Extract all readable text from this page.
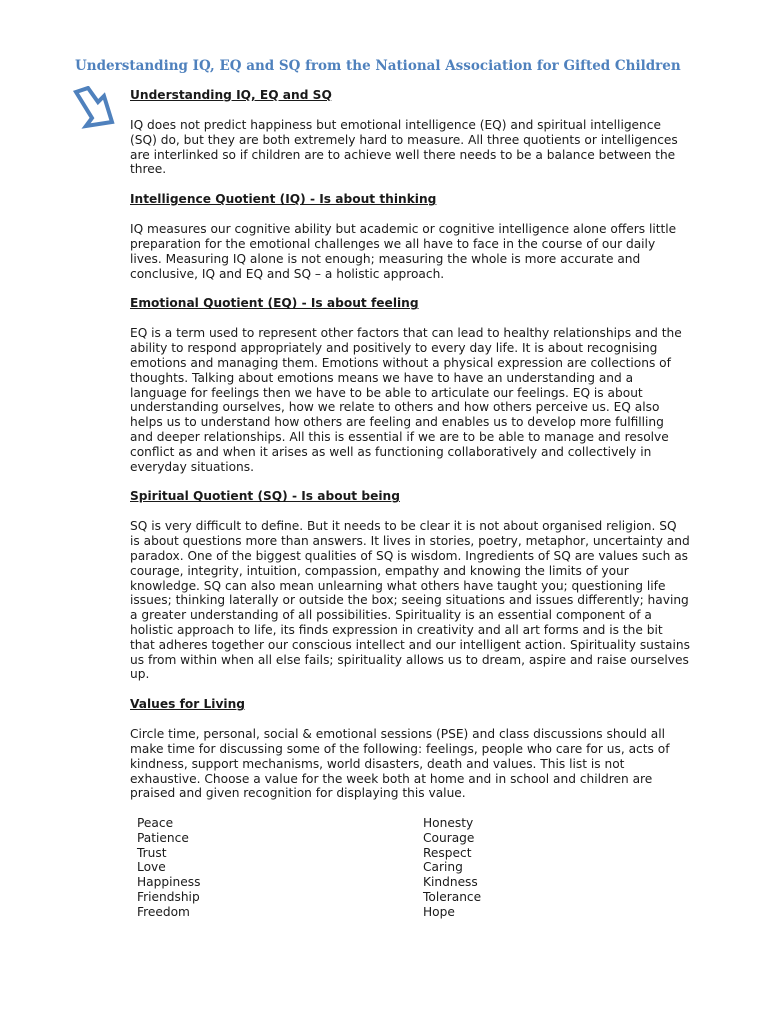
Understanding IQ, EQ and SQ from the National Association for Gifted Children
Understanding IQ, EQ and SQ

IQ does not predict happiness but emotional intelligence (EQ) and spiritual intelligence (SQ) do, but they are both extremely hard to measure. All three quotients or intelligences are interlinked so if children are to achieve well there needs to be a balance between the three.

Intelligence Quotient (IQ) - Is about thinking

IQ measures our cognitive ability but academic or cognitive intelligence alone offers little preparation for the emotional challenges we all have to face in the course of our daily lives. Measuring IQ alone is not enough; measuring the whole is more accurate and conclusive, IQ and EQ and SQ – a holistic approach.

Emotional Quotient (EQ) - Is about feeling

EQ is a term used to represent other factors that can lead to healthy relationships and the ability to respond appropriately and positively to every day life. It is about recognising emotions and managing them. Emotions without a physical expression are collections of thoughts. Talking about emotions means we have to have an understanding and a language for feelings then we have to be able to articulate our feelings. EQ is about understanding ourselves, how we relate to others and how others perceive us. EQ also helps us to understand how others are feeling and enables us to develop more fulfilling and deeper relationships. All this is essential if we are to be able to manage and resolve conflict as and when it arises as well as functioning collaboratively and collectively in everyday situations.

Spiritual Quotient (SQ) - Is about being

SQ is very difficult to define. But it needs to be clear it is not about organised religion. SQ is about questions more than answers. It lives in stories, poetry, metaphor, uncertainty and paradox. One of the biggest qualities of SQ is wisdom. Ingredients of SQ are values such as courage, integrity, intuition, compassion, empathy and knowing the limits of your knowledge. SQ can also mean unlearning what others have taught you; questioning life issues; thinking laterally or outside the box; seeing situations and issues differently; having a greater understanding of all possibilities. Spirituality is an essential component of a holistic approach to life, its finds expression in creativity and all art forms and is the bit that adheres together our conscious intellect and our intelligent action. Spirituality sustains us from within when all else fails; spirituality allows us to dream, aspire and raise ourselves up.

Values for Living

Circle time, personal, social & emotional sessions (PSE) and class discussions should all make time for discussing some of the following: feelings, people who care for us, acts of kindness, support mechanisms, world disasters, death and values. This list is not exhaustive. Choose a value for the week both at home and in school and children are praised and given recognition for displaying this value.

Peace
Patience
Trust
Love
Happiness
Friendship
Freedom
Honesty
Courage
Respect
Caring
Kindness
Tolerance
Hope
